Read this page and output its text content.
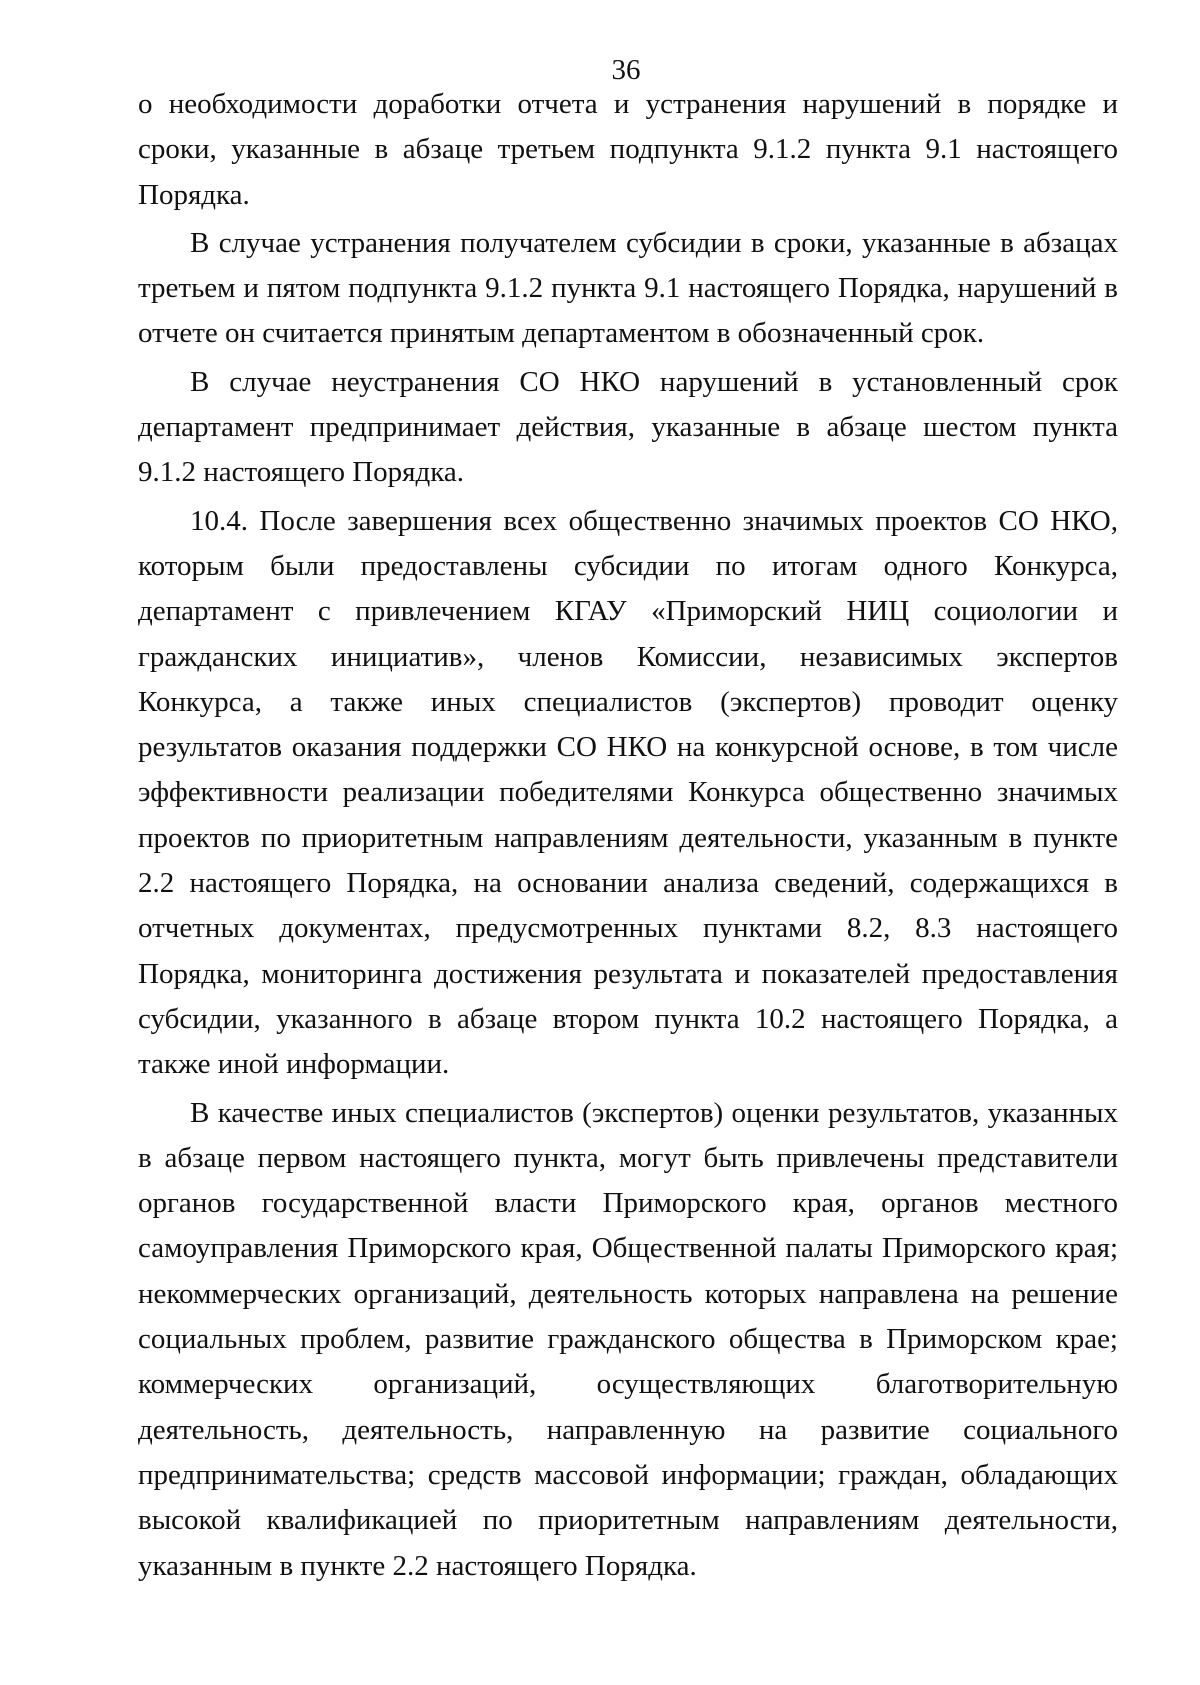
36

о необходимости доработки отчета и устранения нарушений в порядке и сроки, указанные в абзаце третьем подпункта 9.1.2 пункта 9.1 настоящего Порядка.

В случае устранения получателем субсидии в сроки, указанные в абзацах третьем и пятом подпункта 9.1.2 пункта 9.1 настоящего Порядка, нарушений в отчете он считается принятым департаментом в обозначенный срок.

В случае неустранения СО НКО нарушений в установленный срок департамент предпринимает действия, указанные в абзаце шестом пункта 9.1.2 настоящего Порядка.

10.4. После завершения всех общественно значимых проектов СО НКО, которым были предоставлены субсидии по итогам одного Конкурса, департамент с привлечением КГАУ «Приморский НИЦ социологии и гражданских инициатив», членов Комиссии, независимых экспертов Конкурса, а также иных специалистов (экспертов) проводит оценку результатов оказания поддержки СО НКО на конкурсной основе, в том числе эффективности реализации победителями Конкурса общественно значимых проектов по приоритетным направлениям деятельности, указанным в пункте 2.2 настоящего Порядка, на основании анализа сведений, содержащихся в отчетных документах, предусмотренных пунктами 8.2, 8.3 настоящего Порядка, мониторинга достижения результата и показателей предоставления субсидии, указанного в абзаце втором пункта 10.2 настоящего Порядка, а также иной информации.

В качестве иных специалистов (экспертов) оценки результатов, указанных в абзаце первом настоящего пункта, могут быть привлечены представители органов государственной власти Приморского края, органов местного самоуправления Приморского края, Общественной палаты Приморского края; некоммерческих организаций, деятельность которых направлена на решение социальных проблем, развитие гражданского общества в Приморском крае; коммерческих организаций, осуществляющих благотворительную деятельность, деятельность, направленную на развитие социального предпринимательства; средств массовой информации; граждан, обладающих высокой квалификацией по приоритетным направлениям деятельности, указанным в пункте 2.2 настоящего Порядка.
